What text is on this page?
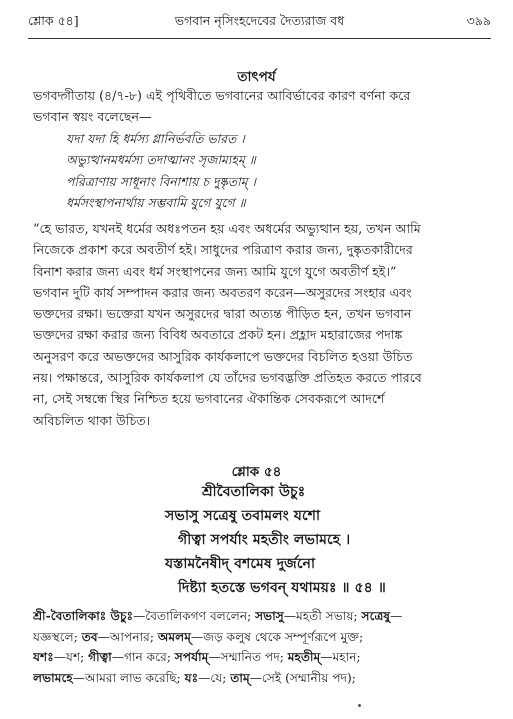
শ্লোক ৫৪]	ভগবান নৃসিংহদেবের দৈত্যরাজ বধ	৩৯৯
তাৎপর্য
ভগবদ্গীতায় (৪/৭-৮) এই পৃথিবীতে ভগবানের আবির্ভাবের কারণ বর্ণনা করে
ভগবান স্বয়ং বলেছেন—
যদা যদা হি ধর্মস্য গ্লানির্ভবতি ভারত ।
অভ্যুত্থানমধর্মস্য তদাত্মানং সৃজাম্যহম্ ॥
পরিত্রাণায় সাধূনাং বিনাশায় চ দুষ্কৃতাম্ ।
ধর্মসংস্থাপনার্থায় সম্ভবামি যুগে যুগে ॥
“হে ভারত, যখনই ধর্মের অধঃপতন হয় এবং অধর্মের অভ্যুত্থান হয়, তখন আমি
নিজেকে প্রকাশ করে অবতীর্ণ হই। সাধুদের পরিত্রাণ করার জন্য, দুষ্কৃতকারীদের
বিনাশ করার জন্য এবং ধর্ম সংস্থাপনের জন্য আমি যুগে যুগে অবতীর্ণ হই।”
ভগবান দুটি কার্য সম্পাদন করার জন্য অবতরণ করেন—অসুরদের সংহার এবং
ভক্তদের রক্ষা। ভক্তেরা যখন অসুরদের দ্বারা অত্যন্ত পীড়িত হন, তখন ভগবান
ভক্তদের রক্ষা করার জন্য বিবিধ অবতারে প্রকট হন। প্রহ্লাদ মহারাজের পদাঙ্ক
অনুসরণ করে অভক্তদের আসুরিক কার্যকলাপে ভক্তদের বিচলিত হওয়া উচিত
নয়। পক্ষান্তরে, আসুরিক কার্যকলাপ যে তাঁদের ভগবদ্ভক্তি প্রতিহত করতে পারবে
না, সেই সম্বন্ধে স্থির নিশ্চিত হয়ে ভগবানের ঐকান্তিক সেবকরূপে আদর্শে
অবিচলিত থাকা উচিত।
শ্লোক ৫৪
শ্রীবৈতালিকা উচুঃ
সভাসু সত্রেষু তবামলং যশো
গীত্বা সপর্যাং মহতীং লভামহে ।
যস্তামনৈষীদ্ বশমেষ দুর্জনো
দিষ্ট্যা হতস্তে ভগবন্ যথাময়ঃ ॥ ৫৪ ॥
শ্রী-বৈতালিকাঃ উচুঃ—বৈতালিকগণ বললেন; সভাসু—মহতী সভায়; সত্রেষু—
যজ্ঞস্থলে; তব—আপনার; অমলম্—জড় কলুষ থেকে সম্পূর্ণরূপে মুক্ত;
যশঃ—যশ; গীত্বা—গান করে; সপর্যাম্—সম্মানিত পদ; মহতীম্—মহান;
লভামহে—আমরা লাভ করেছি; যঃ—যে; তাম্—সেই (সম্মানীয় পদ);
